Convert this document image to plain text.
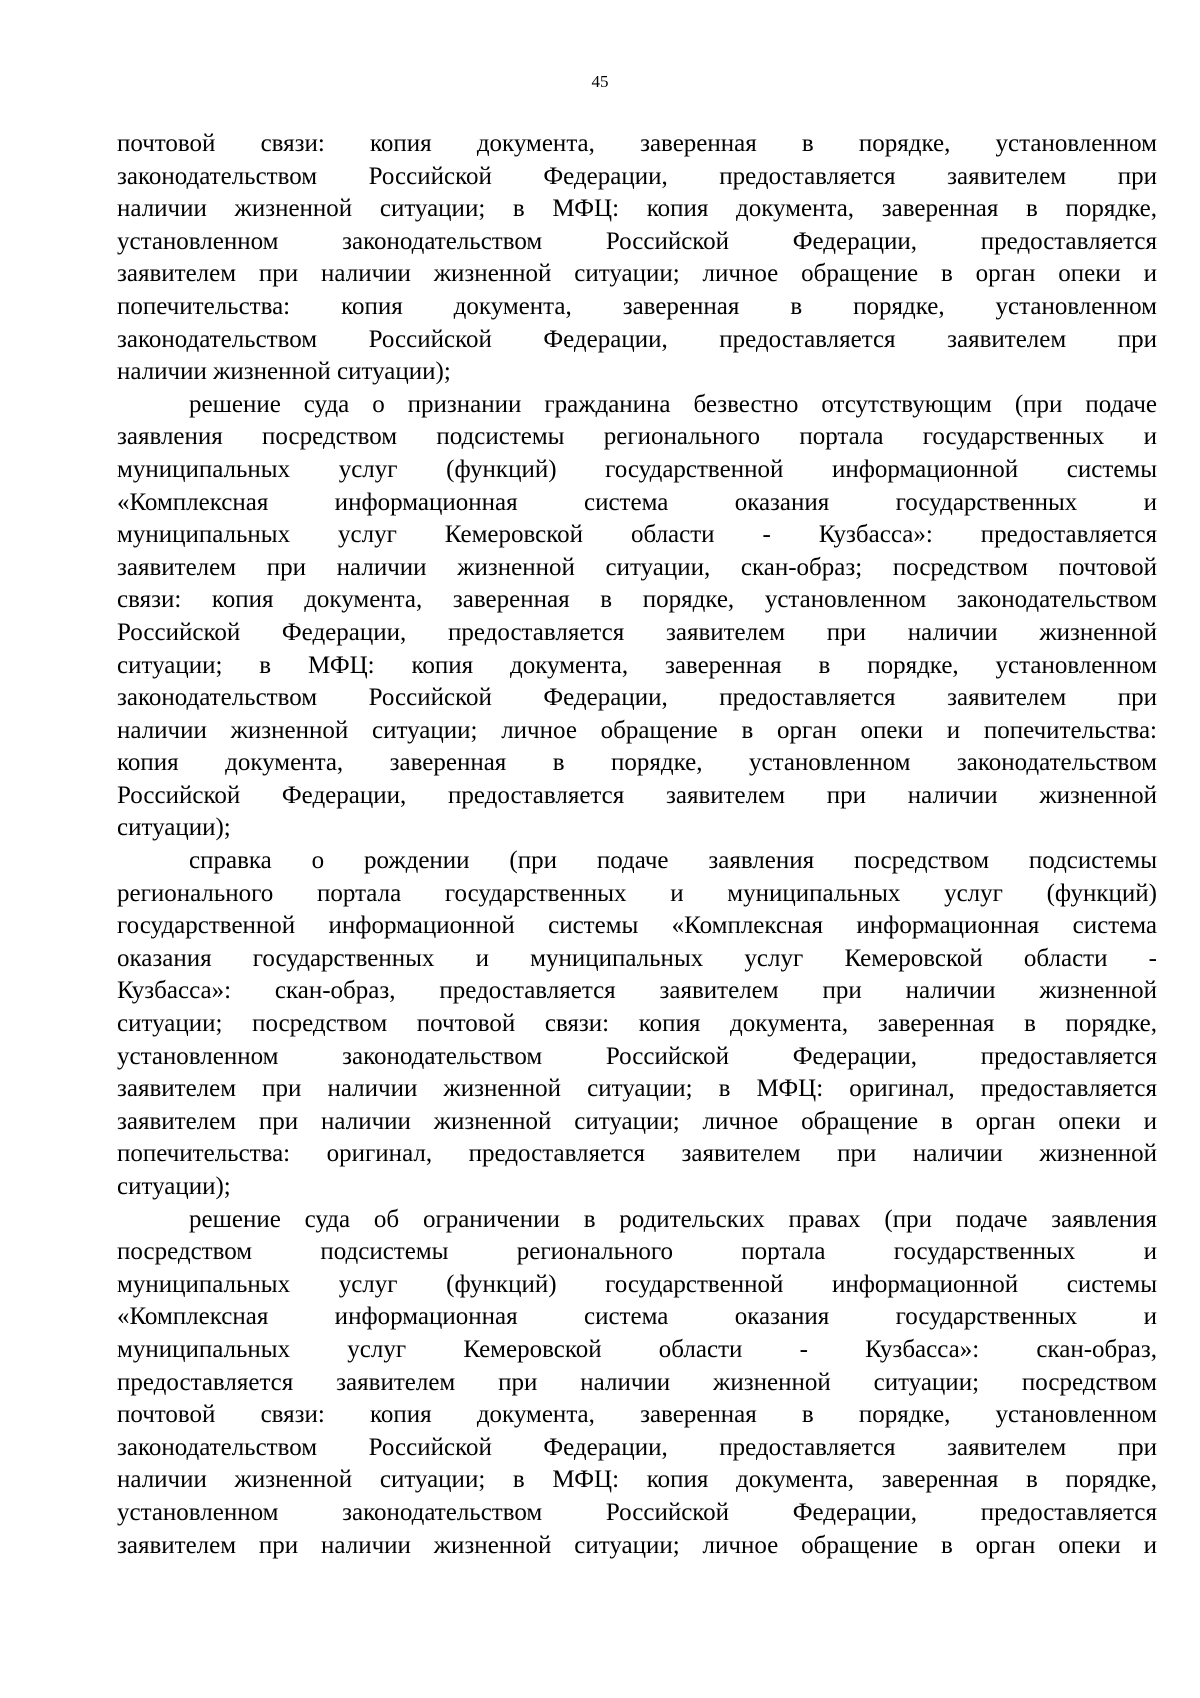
45
почтовой связи: копия документа, заверенная в порядке, установленном
законодательством Российской Федерации, предоставляется заявителем при
наличии жизненной ситуации; в МФЦ: копия документа, заверенная в порядке,
установленном законодательством Российской Федерации, предоставляется
заявителем при наличии жизненной ситуации; личное обращение в орган опеки и
попечительства: копия документа, заверенная в порядке, установленном
законодательством Российской Федерации, предоставляется заявителем при
наличии жизненной ситуации);
решение суда о признании гражданина безвестно отсутствующим (при подаче
заявления посредством подсистемы регионального портала государственных и
муниципальных услуг (функций) государственной информационной системы
«Комплексная информационная система оказания государственных и
муниципальных услуг Кемеровской области - Кузбасса»: предоставляется
заявителем при наличии жизненной ситуации, скан-образ; посредством почтовой
связи: копия документа, заверенная в порядке, установленном законодательством
Российской Федерации, предоставляется заявителем при наличии жизненной
ситуации; в МФЦ: копия документа, заверенная в порядке, установленном
законодательством Российской Федерации, предоставляется заявителем при
наличии жизненной ситуации; личное обращение в орган опеки и попечительства:
копия документа, заверенная в порядке, установленном законодательством
Российской Федерации, предоставляется заявителем при наличии жизненной
ситуации);
справка о рождении (при подаче заявления посредством подсистемы
регионального портала государственных и муниципальных услуг (функций)
государственной информационной системы «Комплексная информационная система
оказания государственных и муниципальных услуг Кемеровской области -
Кузбасса»: скан-образ, предоставляется заявителем при наличии жизненной
ситуации; посредством почтовой связи: копия документа, заверенная в порядке,
установленном законодательством Российской Федерации, предоставляется
заявителем при наличии жизненной ситуации; в МФЦ: оригинал, предоставляется
заявителем при наличии жизненной ситуации; личное обращение в орган опеки и
попечительства: оригинал, предоставляется заявителем при наличии жизненной
ситуации);
решение суда об ограничении в родительских правах (при подаче заявления
посредством подсистемы регионального портала государственных и
муниципальных услуг (функций) государственной информационной системы
«Комплексная информационная система оказания государственных и
муниципальных услуг Кемеровской области - Кузбасса»: скан-образ,
предоставляется заявителем при наличии жизненной ситуации; посредством
почтовой связи: копия документа, заверенная в порядке, установленном
законодательством Российской Федерации, предоставляется заявителем при
наличии жизненной ситуации; в МФЦ: копия документа, заверенная в порядке,
установленном законодательством Российской Федерации, предоставляется
заявителем при наличии жизненной ситуации; личное обращение в орган опеки и
